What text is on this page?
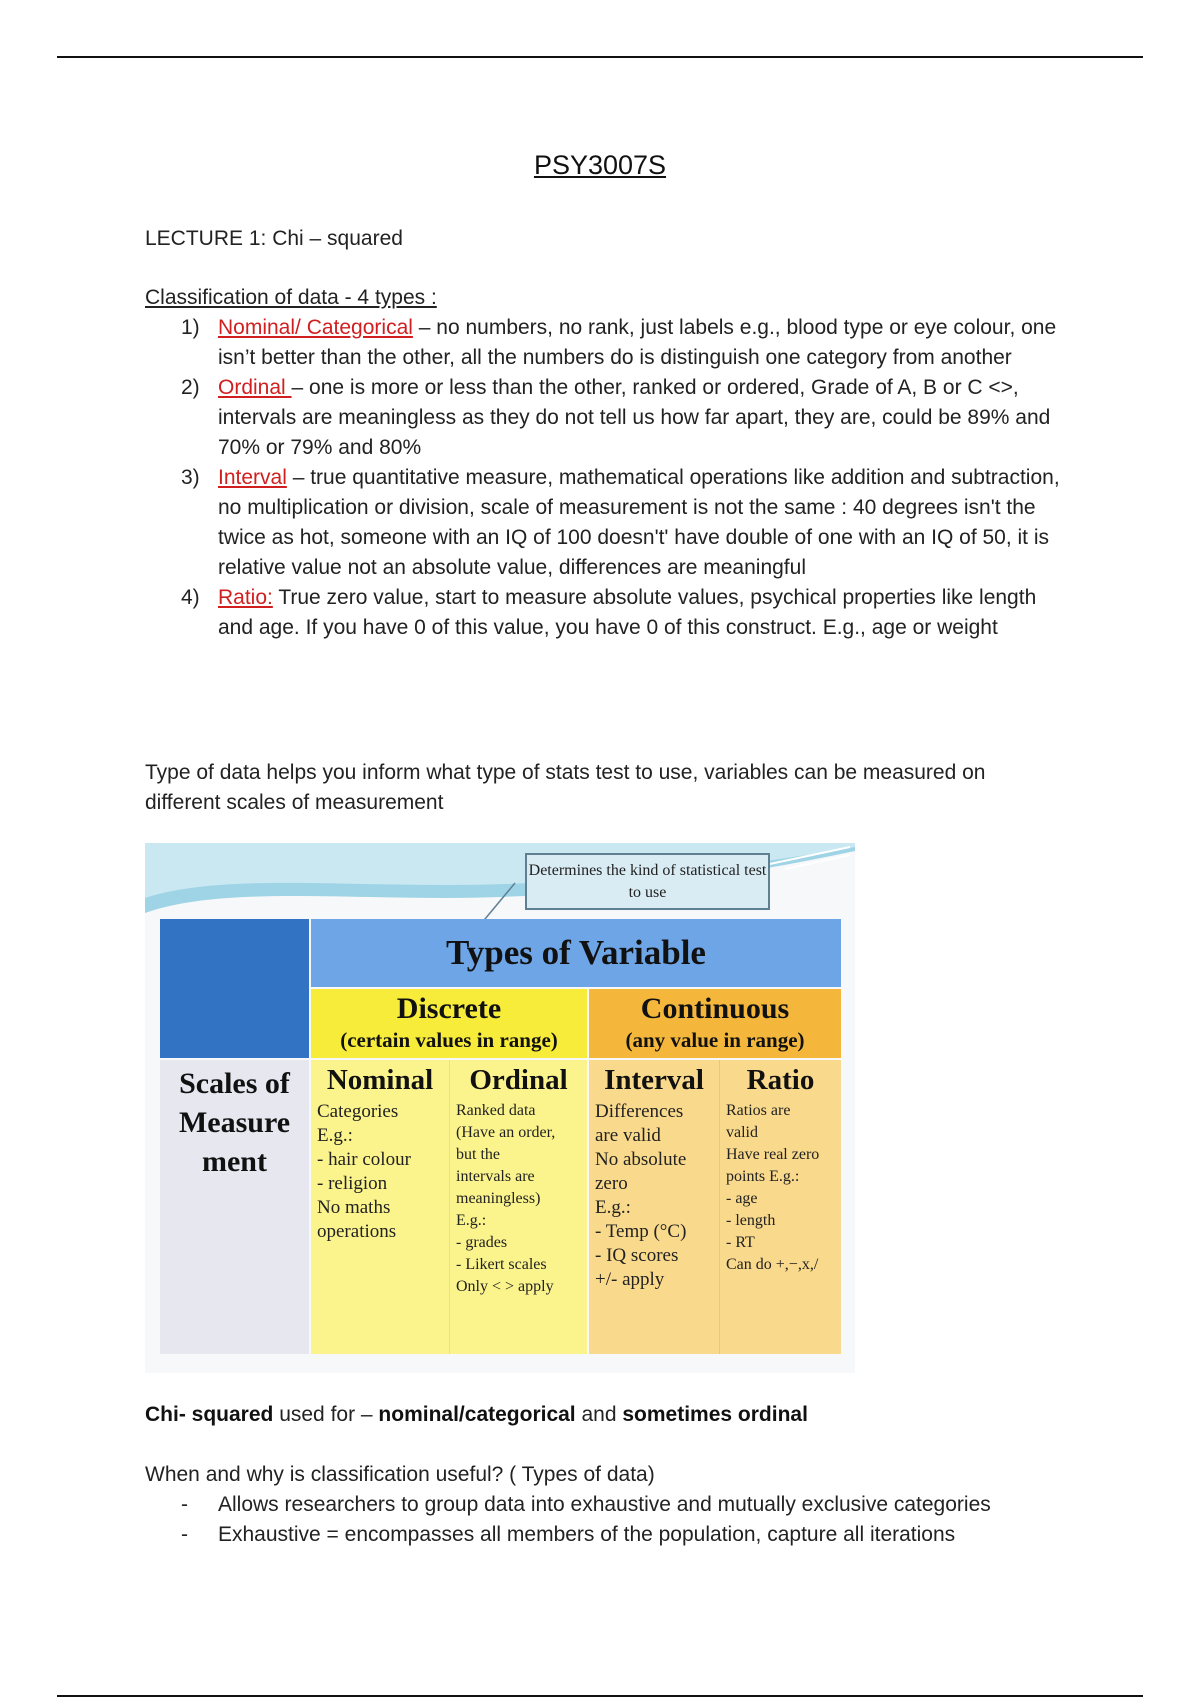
PSY3007S
LECTURE 1: Chi – squared
Classification of data - 4 types :
1) Nominal/ Categorical – no numbers, no rank, just labels e.g., blood type or eye colour, one isn’t better than the other, all the numbers do is distinguish one category from another
2) Ordinal – one is more or less than the other, ranked or ordered, Grade of A, B or C <>, intervals are meaningless as they do not tell us how far apart, they are, could be 89% and 70% or 79% and 80%
3) Interval – true quantitative measure, mathematical operations like addition and subtraction, no multiplication or division, scale of measurement is not the same : 40 degrees isn't the twice as hot, someone with an IQ of 100 doesn't' have double of one with an IQ of 50, it is relative value not an absolute value, differences are meaningful
4) Ratio: True zero value, start to measure absolute values, psychical properties like length and age. If you have 0 of this value, you have 0 of this construct. E.g., age or weight
Type of data helps you inform what type of stats test to use, variables can be measured on different scales of measurement
Determines the kind of statistical test to use
Types of Variable
Discrete
(certain values in range)
Continuous
(any value in range)
Scales of Measure ment
Nominal
Categories
E.g.:
- hair colour
- religion
No maths
operations
Ordinal
Ranked data
(Have an order,
but the
intervals are
meaningless)
E.g.:
- grades
- Likert scales
Only < > apply
Interval
Differences
are valid
No absolute
zero
E.g.:
- Temp (°C)
- IQ scores
+/- apply
Ratio
Ratios are
valid
Have real zero
points E.g.:
- age
- length
- RT
Can do +,−,x,/
Chi- squared used for – nominal/categorical and sometimes ordinal
When and why is classification useful? ( Types of data)
- Allows researchers to group data into exhaustive and mutually exclusive categories
- Exhaustive = encompasses all members of the population, capture all iterations
